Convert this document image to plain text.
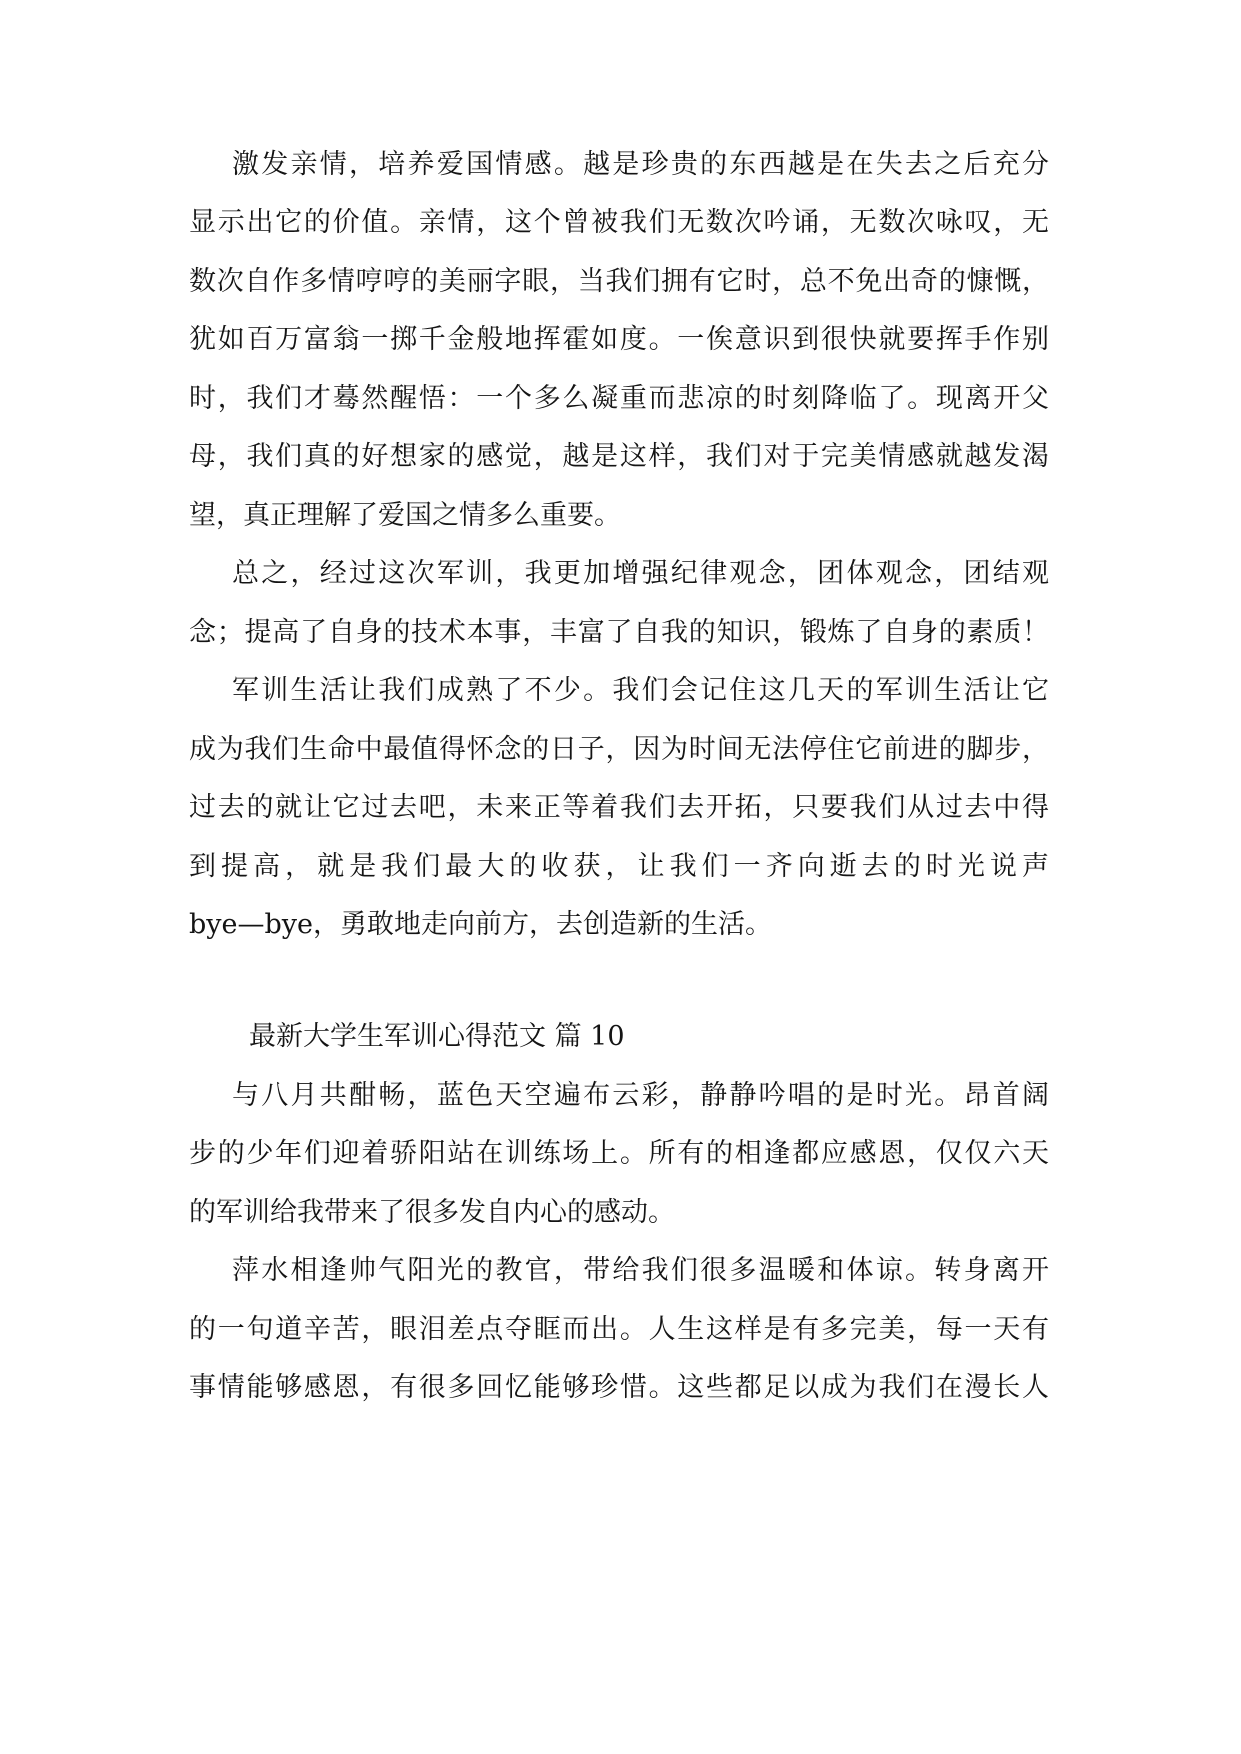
激发亲情，培养爱国情感。越是珍贵的东西越是在失去之后充分
显示出它的价值。亲情，这个曾被我们无数次吟诵，无数次咏叹，无
数次自作多情哼哼的美丽字眼，当我们拥有它时，总不免出奇的慷慨，
犹如百万富翁一掷千金般地挥霍如度。一俟意识到很快就要挥手作别
时，我们才蓦然醒悟：一个多么凝重而悲凉的时刻降临了。现离开父
母，我们真的好想家的感觉，越是这样，我们对于完美情感就越发渴
望，真正理解了爱国之情多么重要。
总之，经过这次军训，我更加增强纪律观念，团体观念，团结观
念；提高了自身的技术本事，丰富了自我的知识，锻炼了自身的素质！
军训生活让我们成熟了不少。我们会记住这几天的军训生活让它
成为我们生命中最值得怀念的日子，因为时间无法停住它前进的脚步，
过去的就让它过去吧，未来正等着我们去开拓，只要我们从过去中得
到提高，就是我们最大的收获，让我们一齐向逝去的时光说声
bye—bye，勇敢地走向前方，去创造新的生活。
最新大学生军训心得范文 篇 10
与八月共酣畅，蓝色天空遍布云彩，静静吟唱的是时光。昂首阔
步的少年们迎着骄阳站在训练场上。所有的相逢都应感恩，仅仅六天
的军训给我带来了很多发自内心的感动。
萍水相逢帅气阳光的教官，带给我们很多温暖和体谅。转身离开
的一句道辛苦，眼泪差点夺眶而出。人生这样是有多完美，每一天有
事情能够感恩，有很多回忆能够珍惜。这些都足以成为我们在漫长人
